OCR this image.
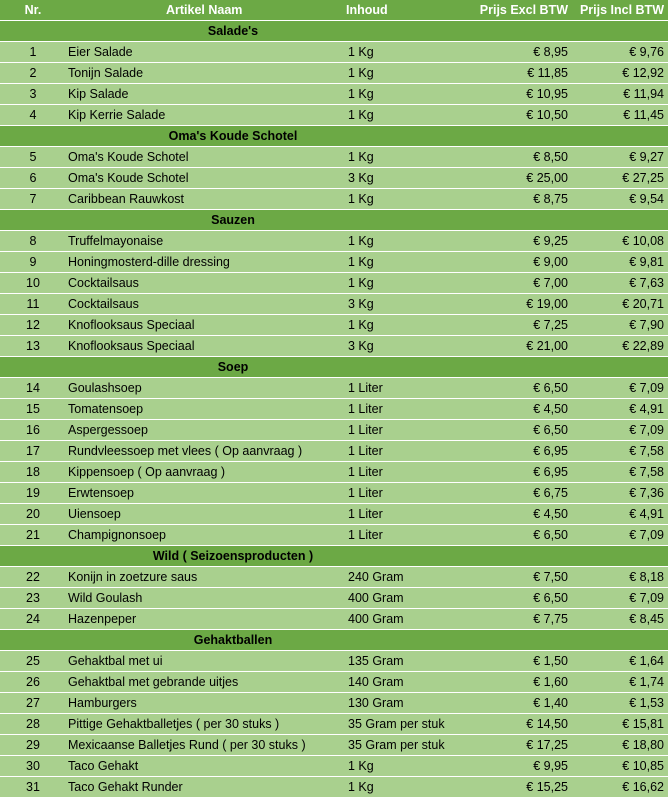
Nr.	Artikel Naam	Inhoud	Prijs Excl BTW	Prijs Incl BTW
Salade's				
1	Eier Salade	1 Kg	€ 8,95	€ 9,76
2	Tonijn Salade	1 Kg	€ 11,85	€ 12,92
3	Kip Salade	1 Kg	€ 10,95	€ 11,94
4	Kip Kerrie Salade	1 Kg	€ 10,50	€ 11,45
Oma's Koude Schotel				
5	Oma's Koude Schotel	1 Kg	€ 8,50	€ 9,27
6	Oma's Koude Schotel	3 Kg	€ 25,00	€ 27,25
7	Caribbean Rauwkost	1 Kg	€ 8,75	€ 9,54
Sauzen				
8	Truffelmayonaise	1 Kg	€ 9,25	€ 10,08
9	Honingmosterd-dille dressing	1 Kg	€ 9,00	€ 9,81
10	Cocktailsaus	1 Kg	€ 7,00	€ 7,63
11	Cocktailsaus	3 Kg	€ 19,00	€ 20,71
12	Knoflooksaus Speciaal	1 Kg	€ 7,25	€ 7,90
13	Knoflooksaus Speciaal	3 Kg	€ 21,00	€ 22,89
Soep				
14	Goulashsoep	1 Liter	€ 6,50	€ 7,09
15	Tomatensoep	1 Liter	€ 4,50	€ 4,91
16	Aspergessoep	1 Liter	€ 6,50	€ 7,09
17	Rundvleessoep met vlees ( Op aanvraag )	1 Liter	€ 6,95	€ 7,58
18	Kippensoep ( Op aanvraag )	1 Liter	€ 6,95	€ 7,58
19	Erwtensoep	1 Liter	€ 6,75	€ 7,36
20	Uiensoep	1 Liter	€ 4,50	€ 4,91
21	Champignonsoep	1 Liter	€ 6,50	€ 7,09
Wild ( Seizoensproducten )				
22	Konijn in zoetzure saus	240 Gram	€ 7,50	€ 8,18
23	Wild Goulash	400 Gram	€ 6,50	€ 7,09
24	Hazenpeper	400 Gram	€ 7,75	€ 8,45
Gehaktballen				
25	Gehaktbal met ui	135 Gram	€ 1,50	€ 1,64
26	Gehaktbal met gebrande uitjes	140 Gram	€ 1,60	€ 1,74
27	Hamburgers	130 Gram	€ 1,40	€ 1,53
28	Pittige Gehaktballetjes ( per 30 stuks )	35 Gram per stuk	€ 14,50	€ 15,81
29	Mexicaanse Balletjes Rund ( per 30 stuks )	35 Gram per stuk	€ 17,25	€ 18,80
30	Taco Gehakt	1 Kg	€ 9,95	€ 10,85
31	Taco Gehakt Runder	1 Kg	€ 15,25	€ 16,62
